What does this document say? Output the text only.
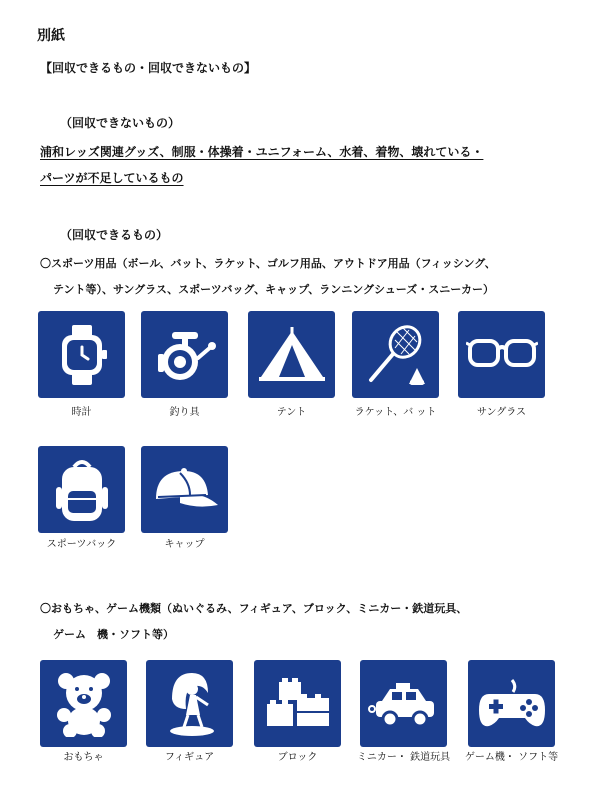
別紙
【回収できるもの・回収できないもの】
（回収できないもの）
浦和レッズ関連グッズ、制服・体操着・ユニフォーム、水着、着物、壊れている・
パーツが不足しているもの
（回収できるもの）
〇スポーツ用品（ボール、バット、ラケット、ゴルフ用品、アウトドア用品（フィッシング、
テント等）、サングラス、スポーツバッグ、キャップ、ランニングシューズ・スニーカー）
時計	釣り具	テント	ラケット、バ ット	サングラス
スポーツバック	キャップ
〇おもちゃ、ゲーム機類（ぬいぐるみ、フィギュア、ブロック、ミニカー・鉄道玩具、
ゲーム　機・ソフト等）
おもちゃ	フィギュア	ブロック	ミニカー・ 鉄道玩具 ゲーム機・ ソフト等
